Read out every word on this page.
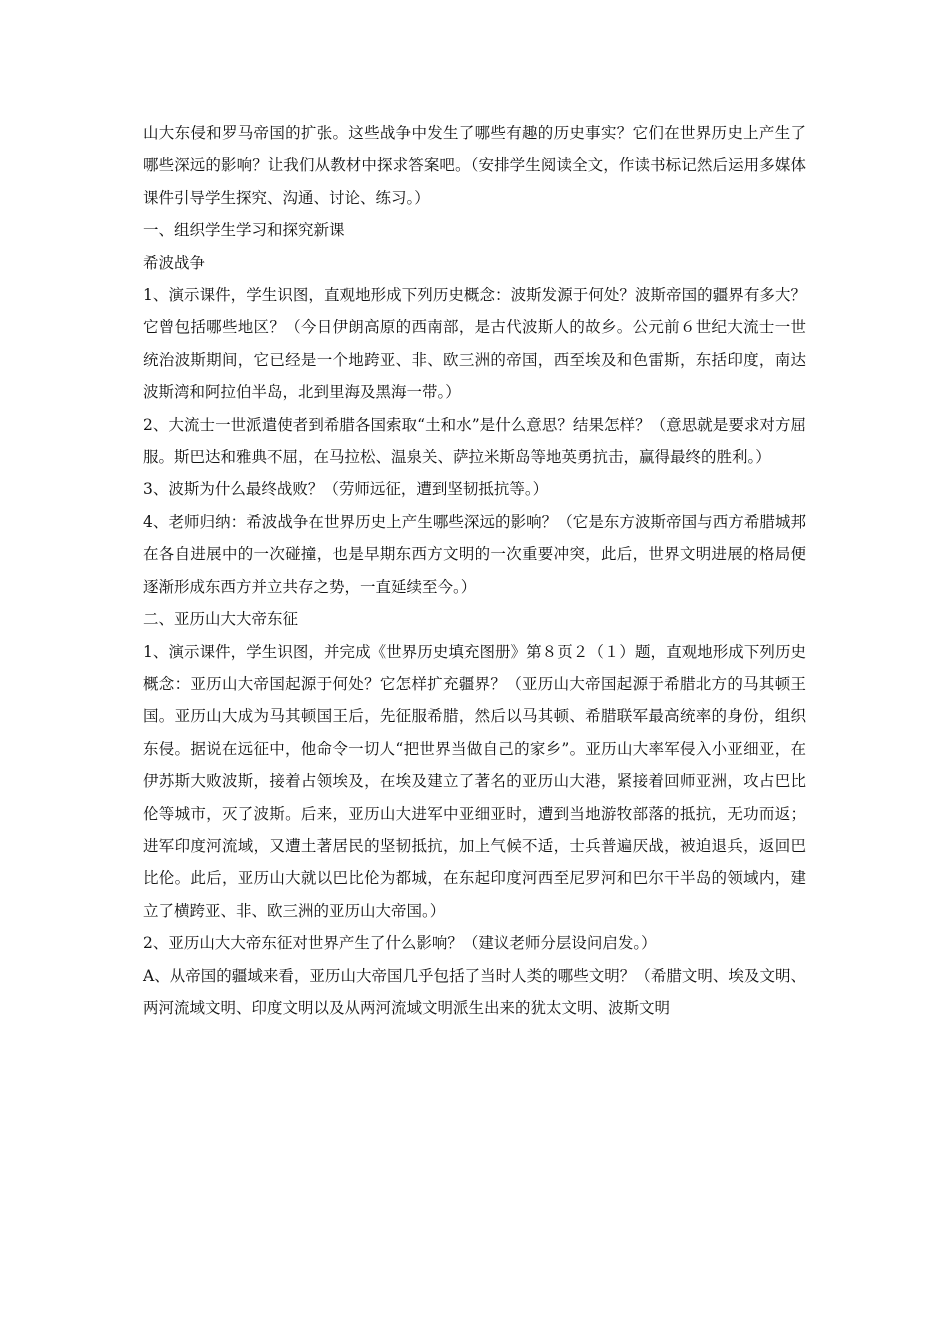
山大东侵和罗马帝国的扩张。这些战争中发生了哪些有趣的历史事实？它们在世界历史上产生了哪些深远的影响？让我们从教材中探求答案吧。（安排学生阅读全文，作读书标记然后运用多媒体课件引导学生探究、沟通、讨论、练习。）

一、组织学生学习和探究新课

希波战争

1、演示课件，学生识图，直观地形成下列历史概念：波斯发源于何处？波斯帝国的疆界有多大？它曾包括哪些地区？（今日伊朗高原的西南部，是古代波斯人的故乡。公元前６世纪大流士一世统治波斯期间，它已经是一个地跨亚、非、欧三洲的帝国，西至埃及和色雷斯，东括印度，南达波斯湾和阿拉伯半岛，北到里海及黑海一带。）

2、大流士一世派遣使者到希腊各国索取“土和水”是什么意思？结果怎样？（意思就是要求对方屈服。斯巴达和雅典不屈，在马拉松、温泉关、萨拉米斯岛等地英勇抗击，赢得最终的胜利。）

3、波斯为什么最终战败？（劳师远征，遭到坚韧抵抗等。）

4、老师归纳：希波战争在世界历史上产生哪些深远的影响？（它是东方波斯帝国与西方希腊城邦在各自进展中的一次碰撞，也是早期东西方文明的一次重要冲突，此后，世界文明进展的格局便逐渐形成东西方并立共存之势，一直延续至今。）

二、亚历山大大帝东征

1、演示课件，学生识图，并完成《世界历史填充图册》第８页２（１）题，直观地形成下列历史概念：亚历山大帝国起源于何处？它怎样扩充疆界？（亚历山大帝国起源于希腊北方的马其顿王国。亚历山大成为马其顿国王后，先征服希腊，然后以马其顿、希腊联军最高统率的身份，组织东侵。据说在远征中，他命令一切人“把世界当做自己的家乡”。亚历山大率军侵入小亚细亚，在伊苏斯大败波斯，接着占领埃及，在埃及建立了著名的亚历山大港，紧接着回师亚洲，攻占巴比伦等城市，灭了波斯。后来，亚历山大进军中亚细亚时，遭到当地游牧部落的抵抗，无功而返；进军印度河流域，又遭土著居民的坚韧抵抗，加上气候不适，士兵普遍厌战，被迫退兵，返回巴比伦。此后，亚历山大就以巴比伦为都城，在东起印度河西至尼罗河和巴尔干半岛的领域内，建立了横跨亚、非、欧三洲的亚历山大帝国。）

2、亚历山大大帝东征对世界产生了什么影响？（建议老师分层设问启发。）

A、从帝国的疆域来看，亚历山大帝国几乎包括了当时人类的哪些文明？（希腊文明、埃及文明、两河流域文明、印度文明以及从两河流域文明派生出来的犹太文明、波斯文明
